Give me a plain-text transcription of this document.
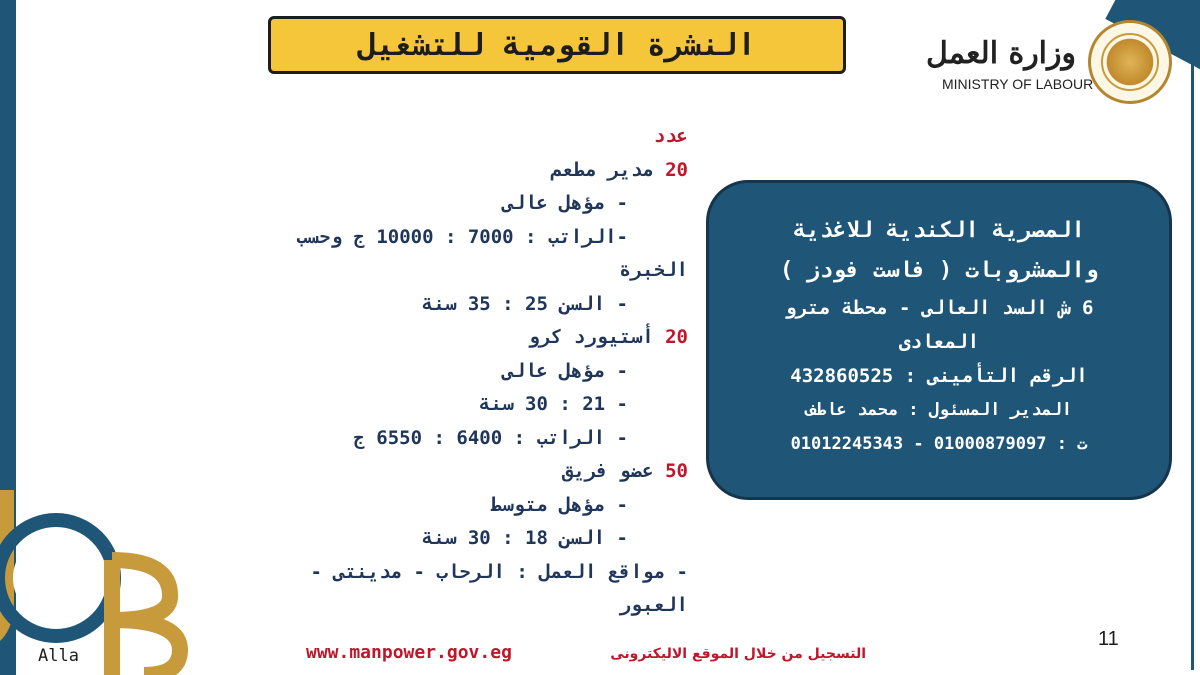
النشرة القومية للتشغيل	وزارة العمل
MINISTRY OF LABOUR
عدد
20 مدير مطعم
- مؤهل عالى
-الراتب : 7000 : 10000 ج وحسب
الخبرة
- السن 25 : 35 سنة
20 أستيورد كرو
- مؤهل عالى
- 21 : 30 سنة
- الراتب : 6400 : 6550 ج
50 عضو فريق
- مؤهل متوسط
- السن 18 : 30 سنة
- مواقع العمل : الرحاب - مدينتى -
العبور
المصرية الكندية للاغذية
والمشروبات ( فاست فودز )
6 ش السد العالى - محطة مترو
المعادى
الرقم التأمينى : 432860525
المدير المسئول : محمد عاطف
ت : 01000879097 - 01012245343
Alla	www.manpower.gov.eg	التسجيل من خلال الموقع الاليكترونى
11
